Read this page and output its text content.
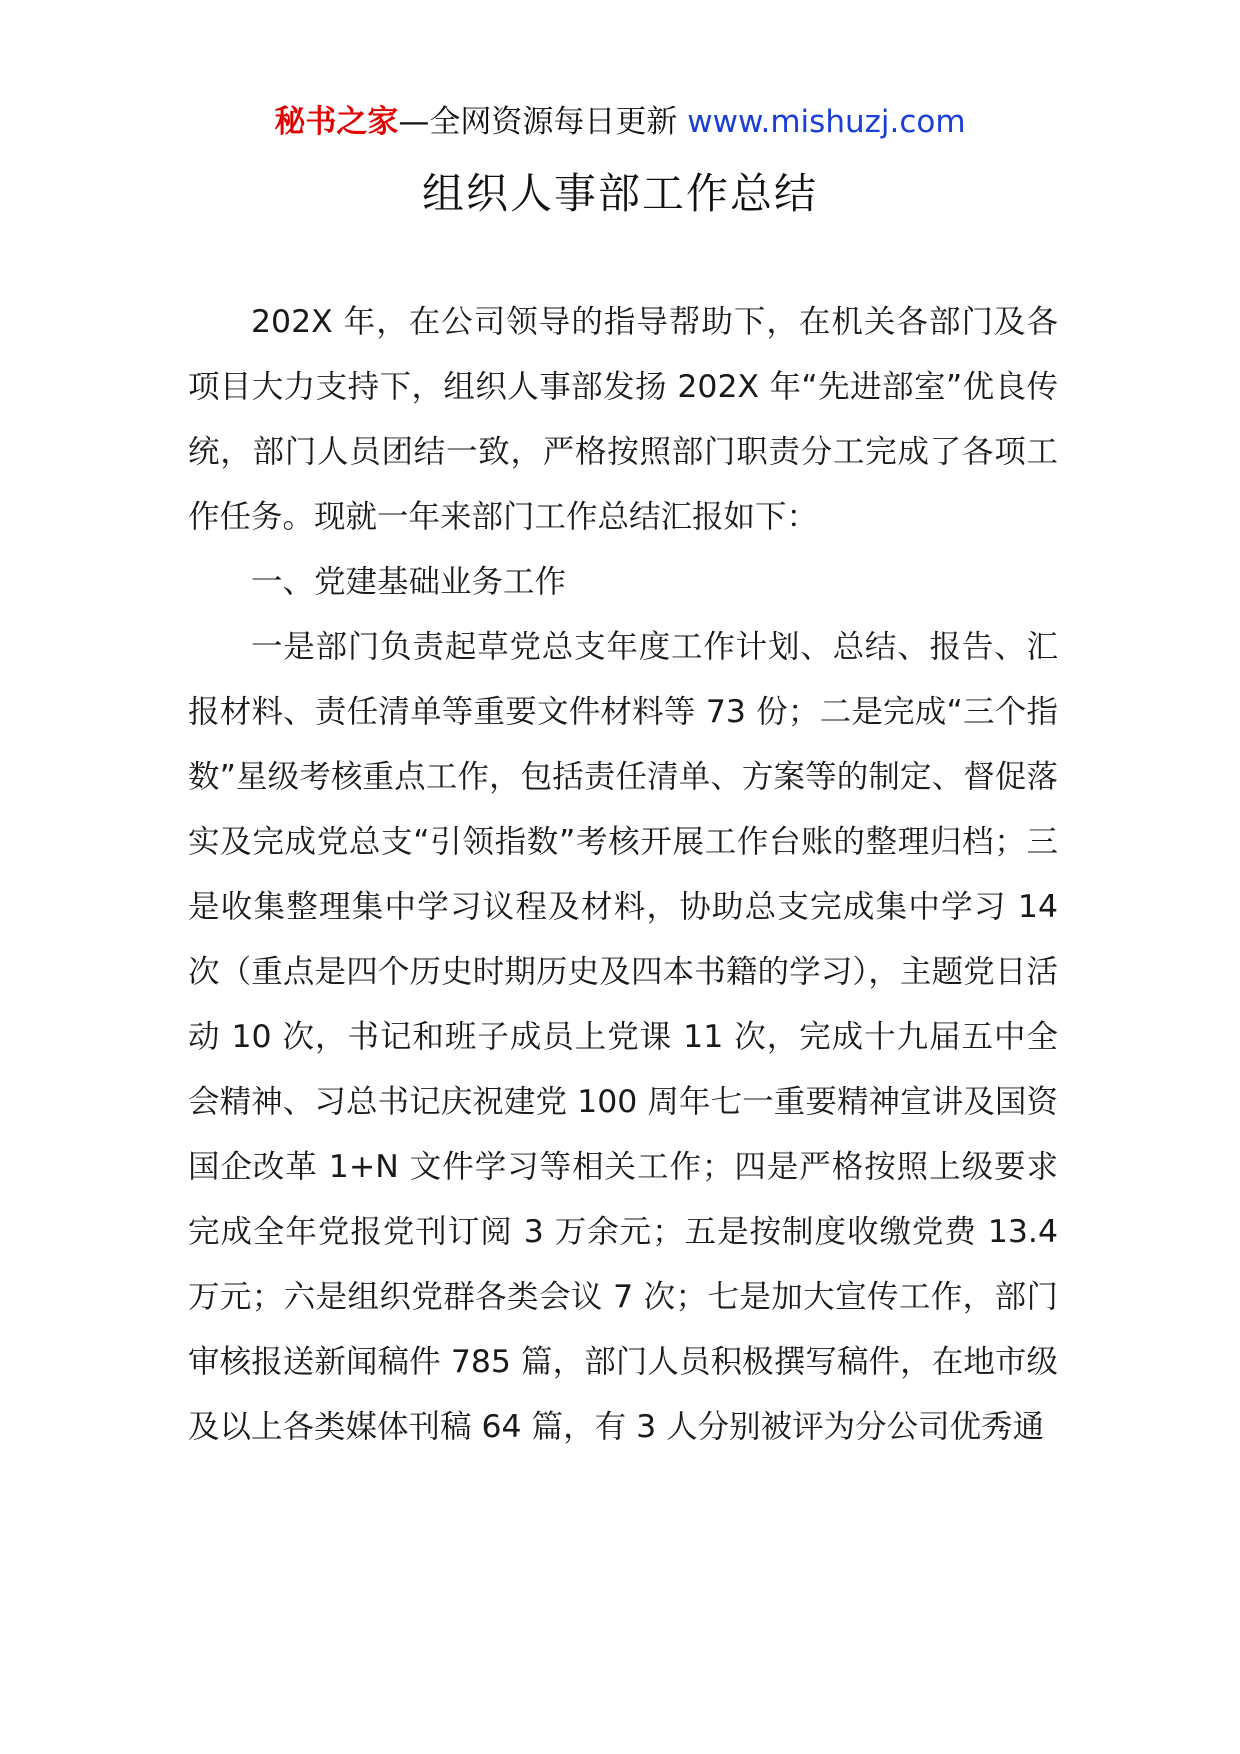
秘书之家—全网资源每日更新 www.mishuzj.com
组织人事部工作总结

202X 年，在公司领导的指导帮助下，在机关各部门及各项目大力支持下，组织人事部发扬 202X 年“先进部室”优良传统，部门人员团结一致，严格按照部门职责分工完成了各项工作任务。现就一年来部门工作总结汇报如下：

一、党建基础业务工作

一是部门负责起草党总支年度工作计划、总结、报告、汇报材料、责任清单等重要文件材料等 73 份；二是完成“三个指数”星级考核重点工作，包括责任清单、方案等的制定、督促落实及完成党总支“引领指数”考核开展工作台账的整理归档；三是收集整理集中学习议程及材料，协助总支完成集中学习 14 次（重点是四个历史时期历史及四本书籍的学习），主题党日活动 10 次，书记和班子成员上党课 11 次，完成十九届五中全会精神、习总书记庆祝建党 100 周年七一重要精神宣讲及国资国企改革 1+N 文件学习等相关工作；四是严格按照上级要求完成全年党报党刊订阅 3 万余元；五是按制度收缴党费 13.4 万元；六是组织党群各类会议 7 次；七是加大宣传工作，部门审核报送新闻稿件 785 篇，部门人员积极撰写稿件，在地市级及以上各类媒体刊稿 64 篇，有 3 人分别被评为分公司优秀通
